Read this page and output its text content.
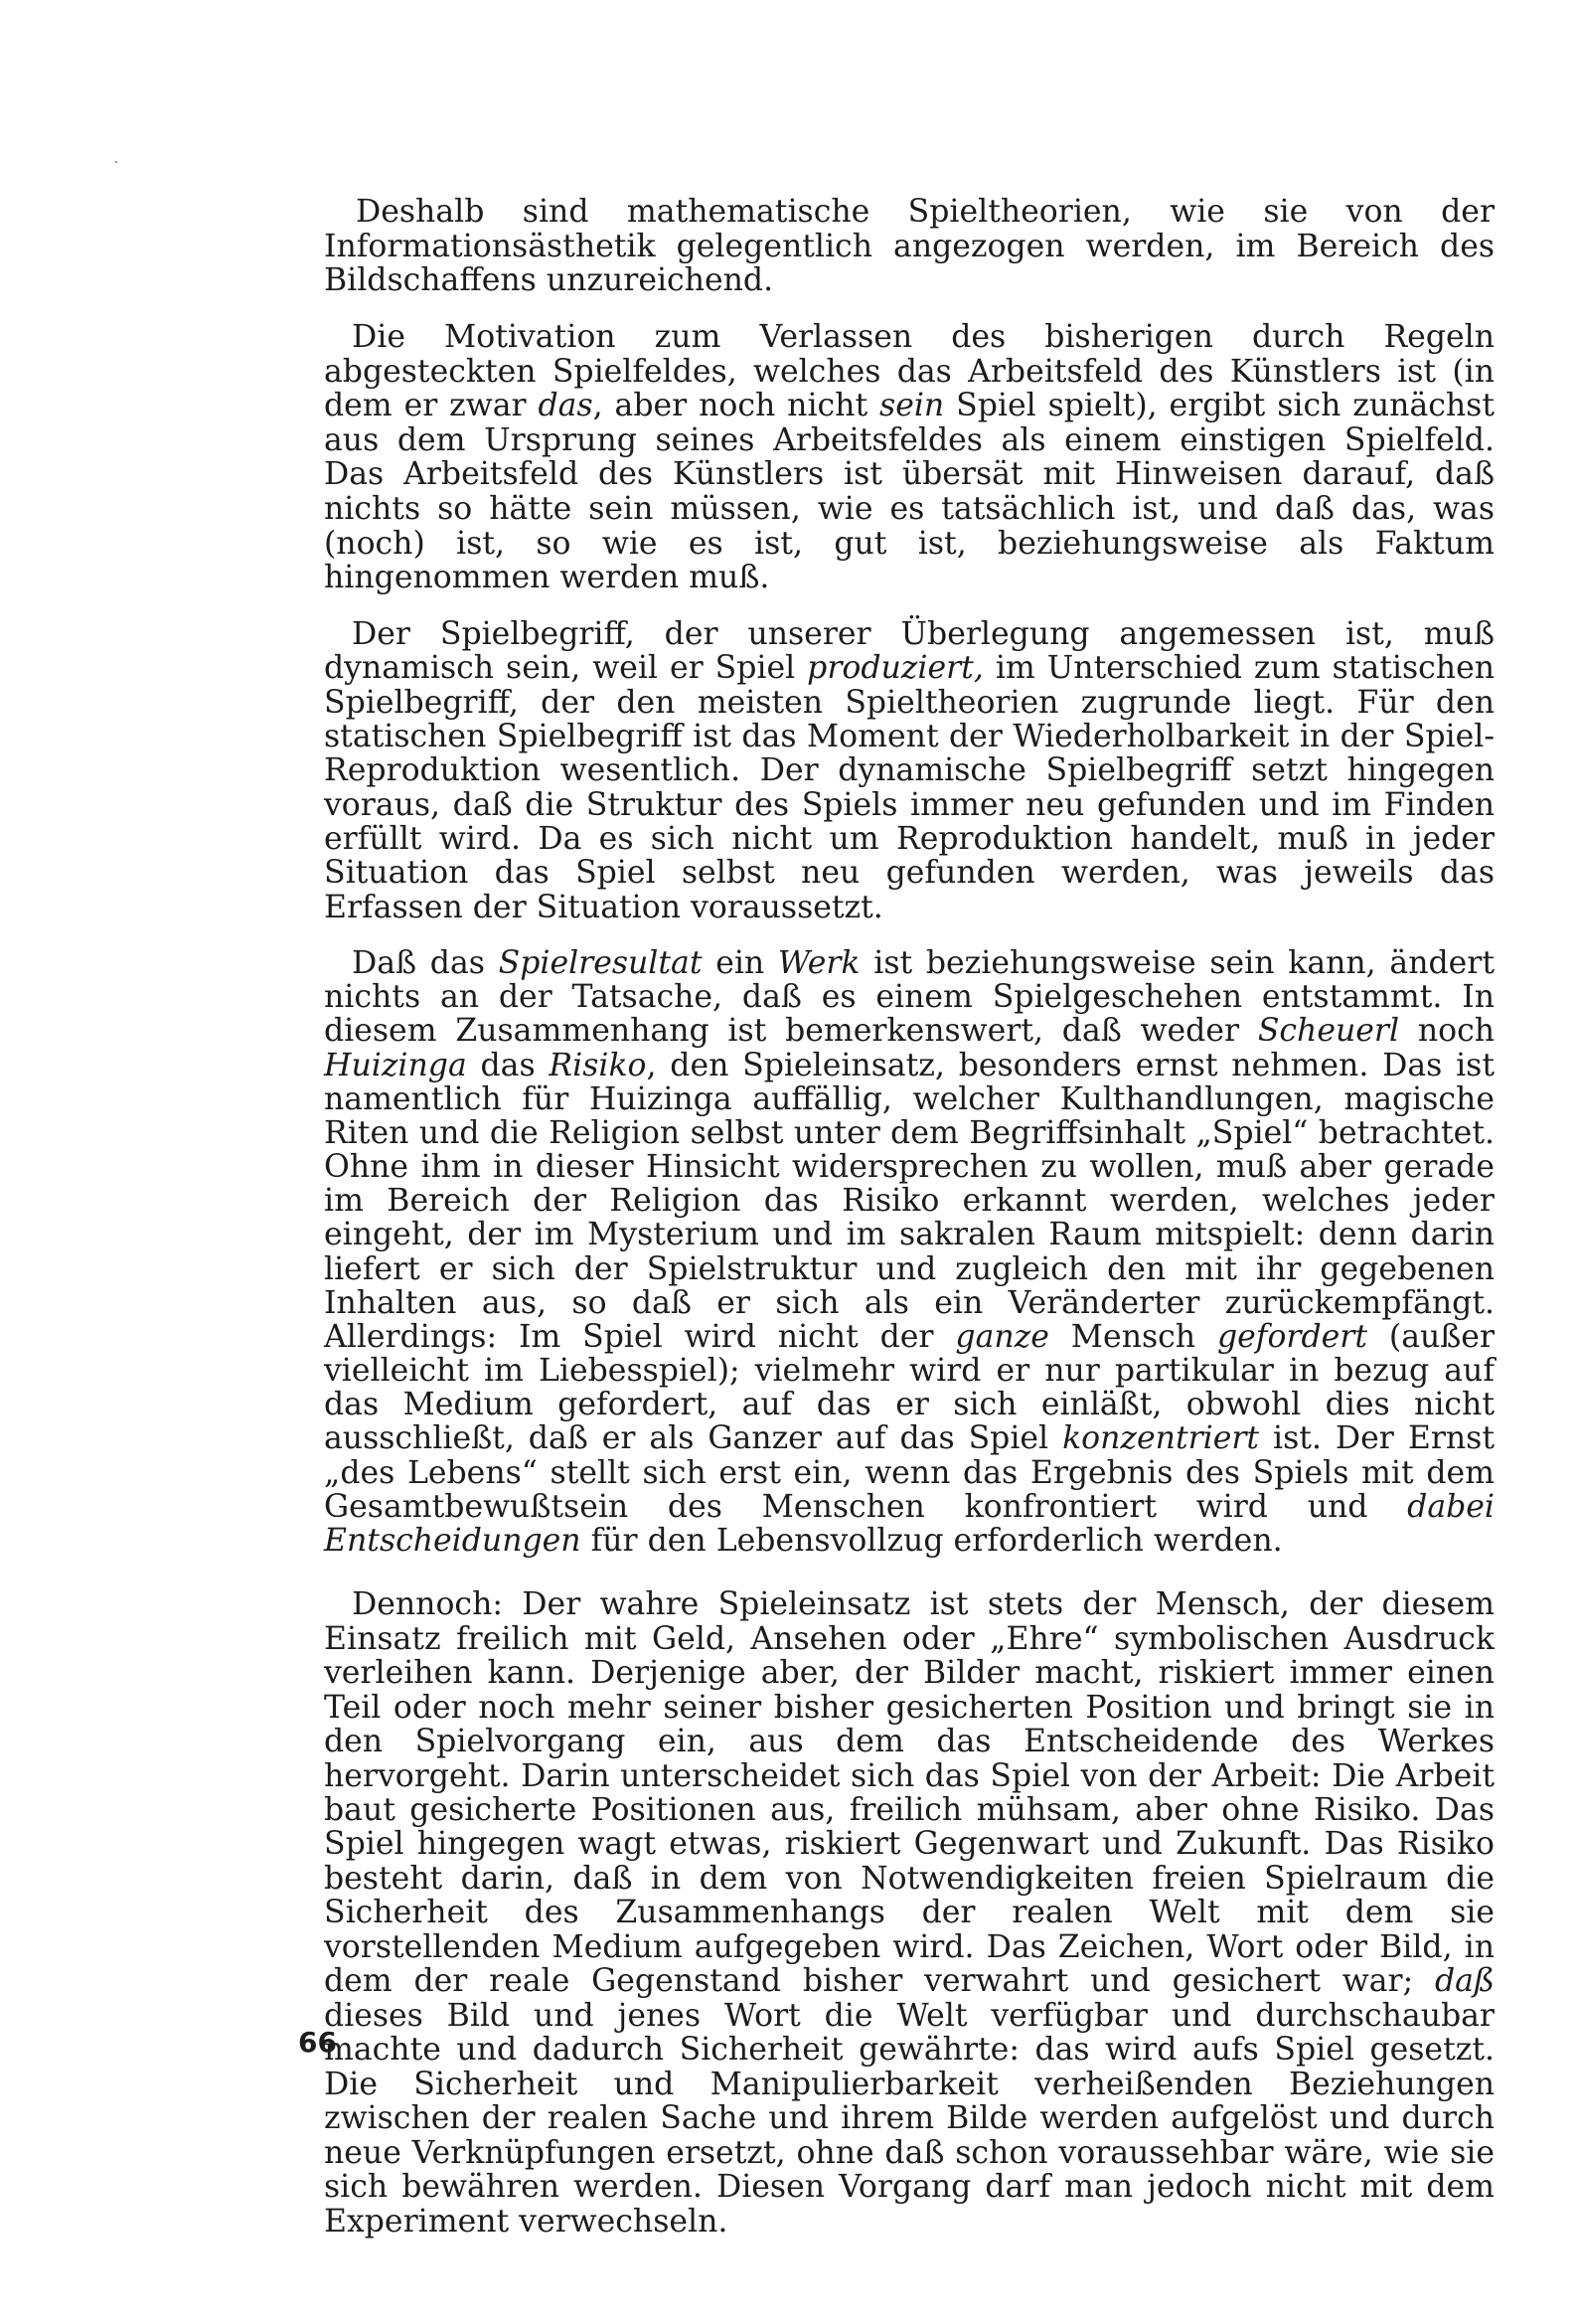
Deshalb sind mathematische Spieltheorien, wie sie von der Informationsästhetik gelegentlich angezogen werden, im Bereich des Bildschaffens unzureichend.

Die Motivation zum Verlassen des bisherigen durch Regeln abgesteckten Spielfeldes, welches das Arbeitsfeld des Künstlers ist (in dem er zwar das, aber noch nicht sein Spiel spielt), ergibt sich zunächst aus dem Ursprung seines Arbeitsfeldes als einem einstigen Spielfeld. Das Arbeitsfeld des Künstlers ist übersät mit Hinweisen darauf, daß nichts so hätte sein müssen, wie es tatsächlich ist, und daß das, was (noch) ist, so wie es ist, gut ist, beziehungsweise als Faktum hingenommen werden muß.

Der Spielbegriff, der unserer Überlegung angemessen ist, muß dynamisch sein, weil er Spiel produziert, im Unterschied zum statischen Spielbegriff, der den meisten Spieltheorien zugrunde liegt. Für den statischen Spielbegriff ist das Moment der Wiederholbarkeit in der Spiel-Reproduktion wesentlich. Der dynamische Spielbegriff setzt hingegen voraus, daß die Struktur des Spiels immer neu gefunden und im Finden erfüllt wird. Da es sich nicht um Reproduktion handelt, muß in jeder Situation das Spiel selbst neu gefunden werden, was jeweils das Erfassen der Situation voraussetzt.

Daß das Spielresultat ein Werk ist beziehungsweise sein kann, ändert nichts an der Tatsache, daß es einem Spielgeschehen entstammt. In diesem Zusammenhang ist bemerkenswert, daß weder Scheuerl noch Huizinga das Risiko, den Spieleinsatz, besonders ernst nehmen. Das ist namentlich für Huizinga auffällig, welcher Kulthandlungen, magische Riten und die Religion selbst unter dem Begriffsinhalt „Spiel“ betrachtet. Ohne ihm in dieser Hinsicht widersprechen zu wollen, muß aber gerade im Bereich der Religion das Risiko erkannt werden, welches jeder eingeht, der im Mysterium und im sakralen Raum mitspielt: denn darin liefert er sich der Spielstruktur und zugleich den mit ihr gegebenen Inhalten aus, so daß er sich als ein Veränderter zurückempfängt. Allerdings: Im Spiel wird nicht der ganze Mensch gefordert (außer vielleicht im Liebesspiel); vielmehr wird er nur partikular in bezug auf das Medium gefordert, auf das er sich einläßt, obwohl dies nicht ausschließt, daß er als Ganzer auf das Spiel konzentriert ist. Der Ernst „des Lebens“ stellt sich erst ein, wenn das Ergebnis des Spiels mit dem Gesamtbewußtsein des Menschen konfrontiert wird und dabei Entscheidungen für den Lebensvollzug erforderlich werden.

Dennoch: Der wahre Spieleinsatz ist stets der Mensch, der diesem Einsatz freilich mit Geld, Ansehen oder „Ehre“ symbolischen Ausdruck verleihen kann. Derjenige aber, der Bilder macht, riskiert immer einen Teil oder noch mehr seiner bisher gesicherten Position und bringt sie in den Spielvorgang ein, aus dem das Entscheidende des Werkes hervorgeht. Darin unterscheidet sich das Spiel von der Arbeit: Die Arbeit baut gesicherte Positionen aus, freilich mühsam, aber ohne Risiko. Das Spiel hingegen wagt etwas, riskiert Gegenwart und Zukunft. Das Risiko besteht darin, daß in dem von Notwendigkeiten freien Spielraum die Sicherheit des Zusammenhangs der realen Welt mit dem sie vorstellenden Medium aufgegeben wird. Das Zeichen, Wort oder Bild, in dem der reale Gegenstand bisher verwahrt und gesichert war; daß dieses Bild und jenes Wort die Welt verfügbar und durchschaubar machte und dadurch Sicherheit gewährte: das wird aufs Spiel gesetzt. Die Sicherheit und Manipulierbarkeit verheißenden Beziehungen zwischen der realen Sache und ihrem Bilde werden aufgelöst und durch neue Verknüpfungen ersetzt, ohne daß schon voraussehbar wäre, wie sie sich bewähren werden. Diesen Vorgang darf man jedoch nicht mit dem Experiment verwechseln.

66
